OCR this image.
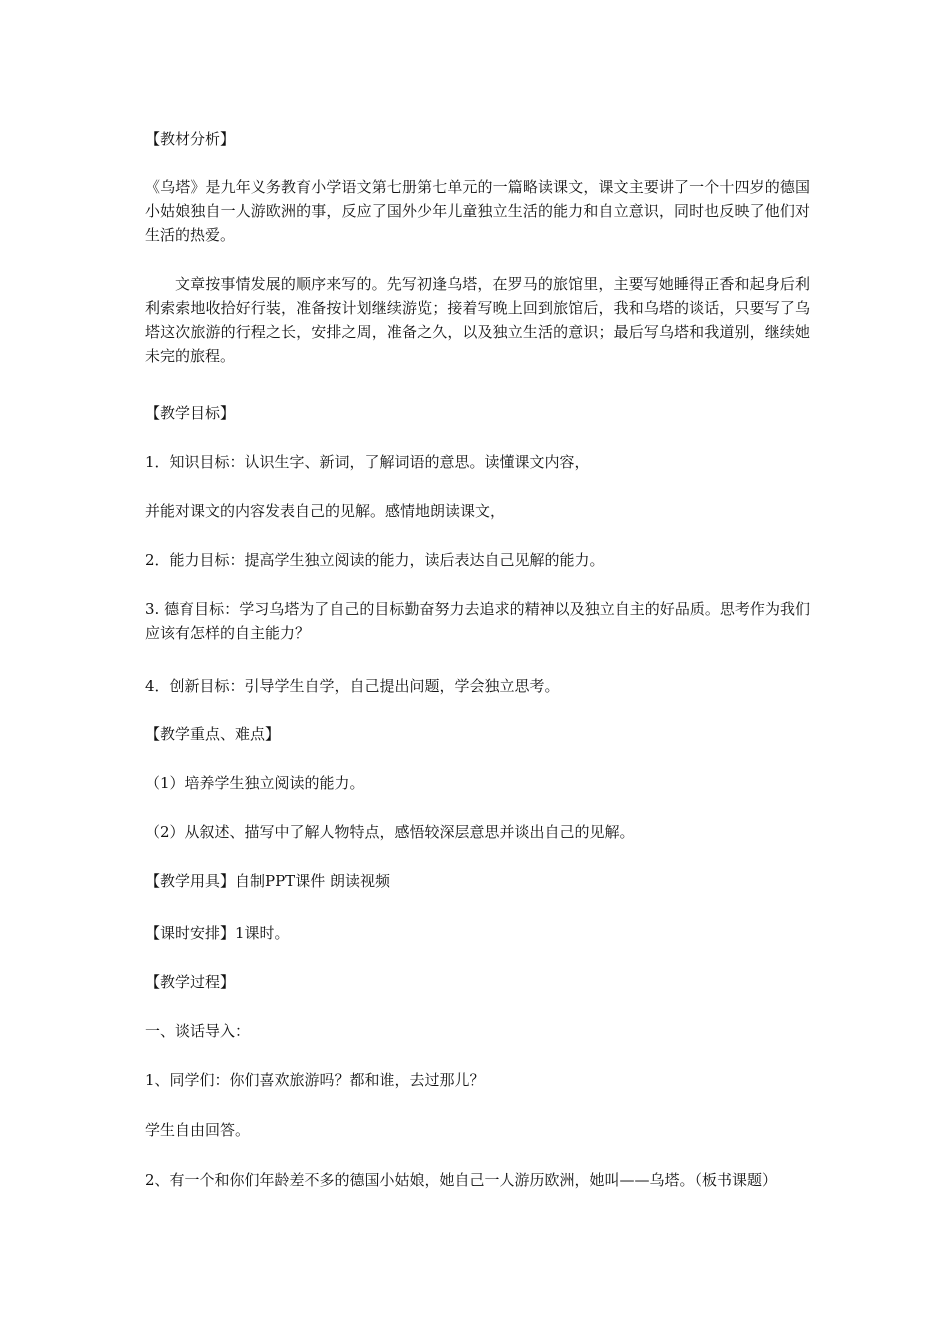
【教材分析】

《乌塔》是九年义务教育小学语文第七册第七单元的一篇略读课文，课文主要讲了一个十四岁的德国小姑娘独自一人游欧洲的事，反应了国外少年儿童独立生活的能力和自立意识，同时也反映了他们对生活的热爱。

文章按事情发展的顺序来写的。先写初逢乌塔，在罗马的旅馆里，主要写她睡得正香和起身后利利索索地收拾好行装，准备按计划继续游览；接着写晚上回到旅馆后，我和乌塔的谈话，只要写了乌塔这次旅游的行程之长，安排之周，准备之久，以及独立生活的意识；最后写乌塔和我道别，继续她未完的旅程。

【教学目标】

1．知识目标：认识生字、新词，了解词语的意思。读懂课文内容，

并能对课文的内容发表自己的见解。感情地朗读课文，

2．能力目标：提高学生独立阅读的能力，读后表达自己见解的能力。

3. 德育目标：学习乌塔为了自己的目标勤奋努力去追求的精神以及独立自主的好品质。思考作为我们应该有怎样的自主能力？

4．创新目标：引导学生自学，自己提出问题，学会独立思考。

【教学重点、难点】

（1）培养学生独立阅读的能力。

（2）从叙述、描写中了解人物特点，感悟较深层意思并谈出自己的见解。

【教学用具】自制PPT课件 朗读视频

【课时安排】1课时。

【教学过程】

一、谈话导入：

1、同学们：你们喜欢旅游吗？都和谁，去过那儿？

学生自由回答。

2、有一个和你们年龄差不多的德国小姑娘，她自己一人游历欧洲，她叫——乌塔。（板书课题）
